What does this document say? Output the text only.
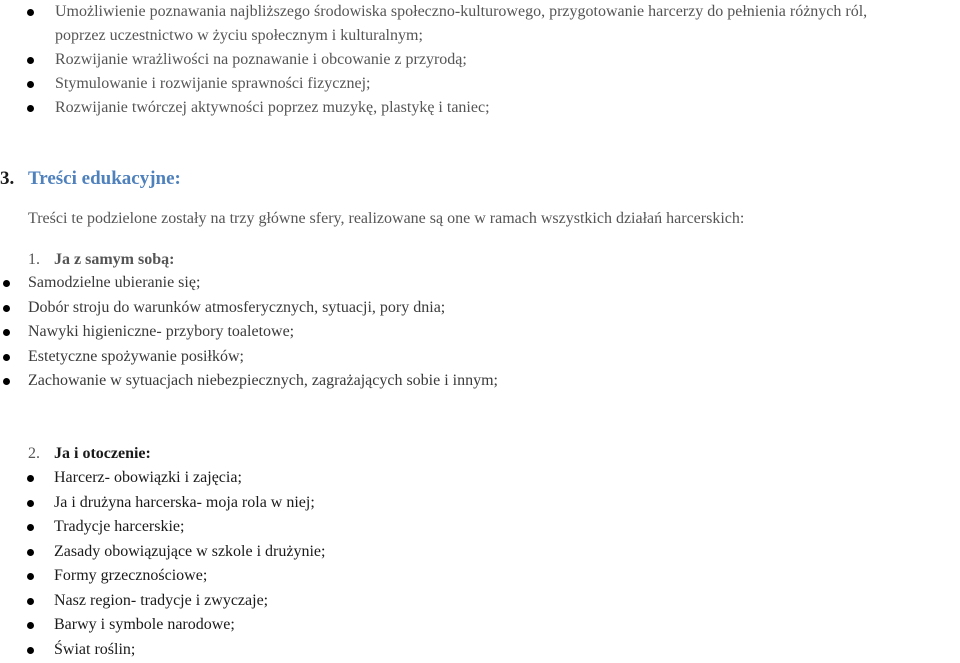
Umożliwienie poznawania najbliższego środowiska społeczno-kulturowego, przygotowanie harcerzy do pełnienia różnych ról,
poprzez uczestnictwo w życiu społecznym i kulturalnym;
Rozwijanie wrażliwości na poznawanie i obcowanie z przyrodą;
Stymulowanie i rozwijanie sprawności fizycznej;
Rozwijanie twórczej aktywności poprzez muzykę, plastykę i taniec;
3. Treści edukacyjne:
Treści te podzielone zostały na trzy główne sfery, realizowane są one w ramach wszystkich działań harcerskich:
1. Ja z samym sobą:
Samodzielne ubieranie się;
Dobór stroju do warunków atmosferycznych, sytuacji, pory dnia;
Nawyki higieniczne- przybory toaletowe;
Estetyczne spożywanie posiłków;
Zachowanie w sytuacjach niebezpiecznych, zagrażających sobie i innym;
2. Ja i otoczenie:
Harcerz- obowiązki i zajęcia;
Ja i drużyna harcerska- moja rola w niej;
Tradycje harcerskie;
Zasady obowiązujące w szkole i drużynie;
Formy grzecznościowe;
Nasz region- tradycje i zwyczaje;
Barwy i symbole narodowe;
Świat roślin;
